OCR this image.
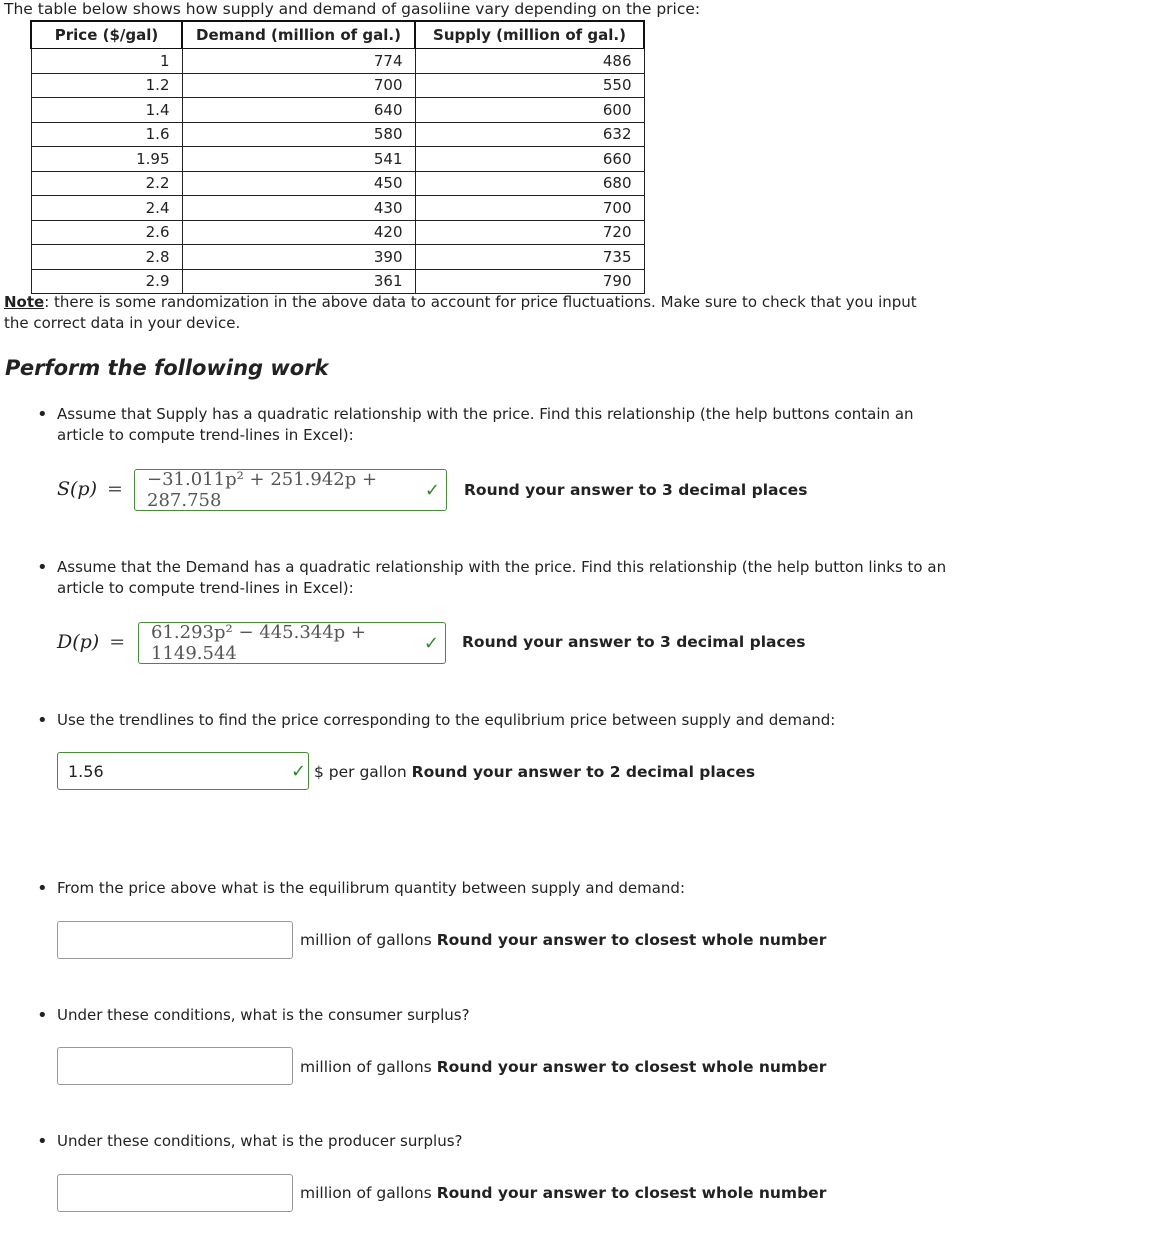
The table below shows how supply and demand of gasoliine vary depending on the price:
Price ($/gal)	Demand (million of gal.)	Supply (million of gal.)
1	774	486
1.2	700	550
1.4	640	600
1.6	580	632
1.95	541	660
2.2	450	680
2.4	430	700
2.6	420	720
2.8	390	735
2.9	361	790
Note: there is some randomization in the above data to account for price fluctuations. Make sure to check that you input the correct data in your device.
Perform the following work
• Assume that Supply has a quadratic relationship with the price. Find this relationship (the help buttons contain an article to compute trend-lines in Excel):
S(p) = −31.011p² + 251.942p + 287.758	✓ Round your answer to 3 decimal places
• Assume that the Demand has a quadratic relationship with the price. Find this relationship (the help button links to an article to compute trend-lines in Excel):
D(p) = 61.293p² − 445.344p + 1149.544	✓ Round your answer to 3 decimal places
• Use the trendlines to find the price corresponding to the equlibrium price between supply and demand:
1.56	✓ $ per gallon Round your answer to 2 decimal places
• From the price above what is the equilibrum quantity between supply and demand:
million of gallons Round your answer to closest whole number
• Under these conditions, what is the consumer surplus?
million of gallons Round your answer to closest whole number
• Under these conditions, what is the producer surplus?
million of gallons Round your answer to closest whole number
